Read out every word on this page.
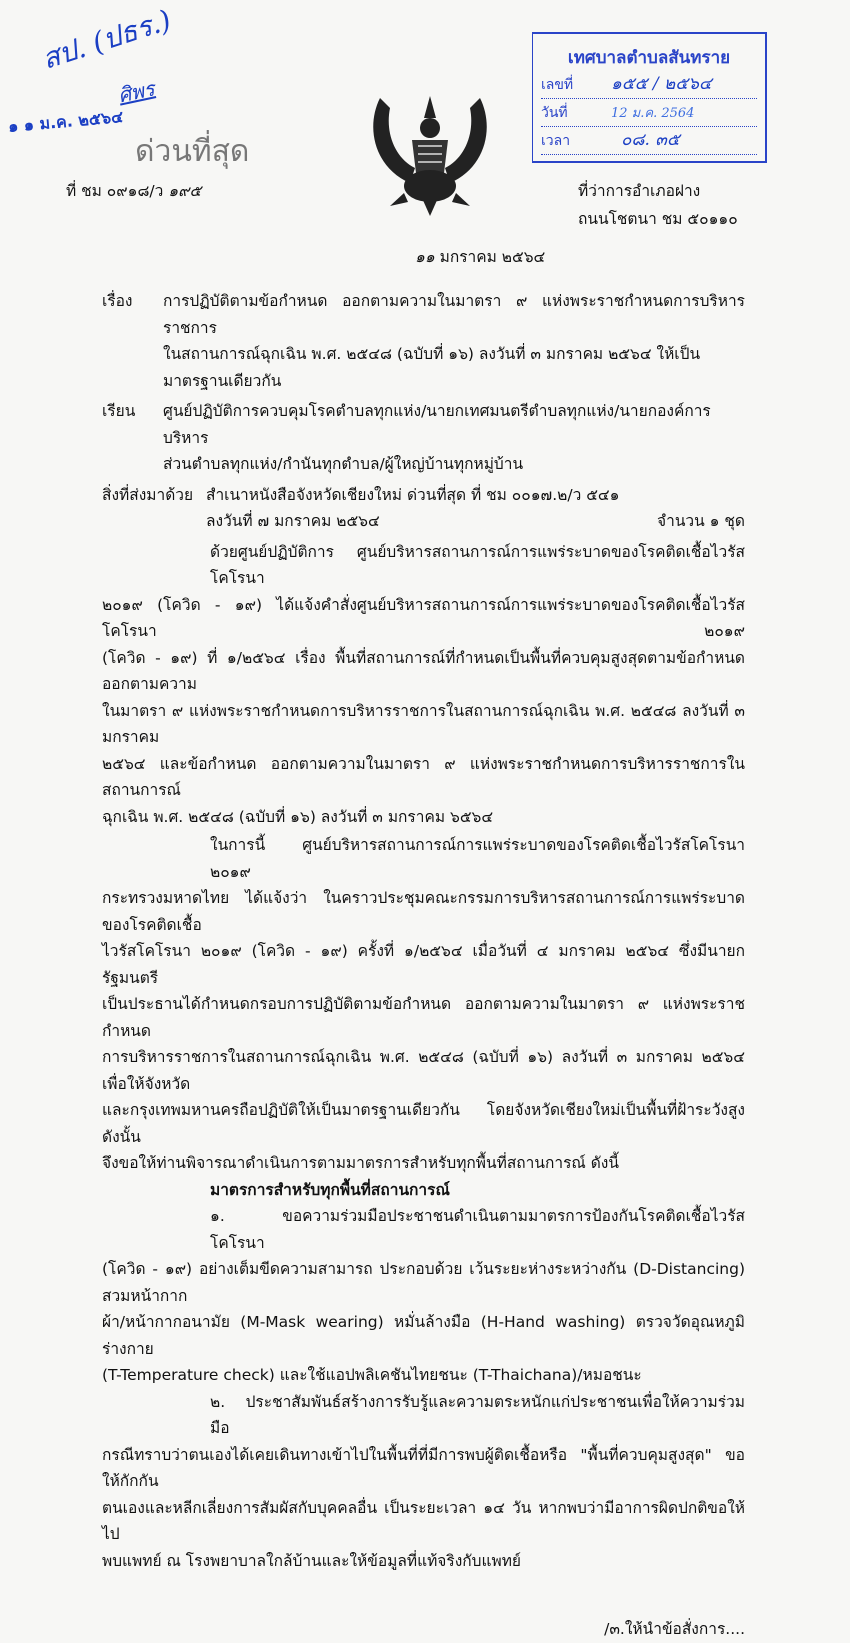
สป. (ปธร.)
ศิพร
๑ ๑ ม.ค. ๒๕๖๔
ด่วนที่สุด
ที่ ชม ๐๙๑๘/ว ๑๙๕
เทศบาลตำบลสันทราย
เลขที่ ๑๕๕ / ๒๕๖๔
วันที่	12 ม.ค. 2564
เวลา	๐๘. ๓๕
ที่ว่าการอำเภอฝาง
ถนนโชตนา ชม ๕๐๑๑๐
๑๑ มกราคม ๒๕๖๔
เรื่อง	การปฏิบัติตามข้อกำหนด ออกตามความในมาตรา ๙ แห่งพระราชกำหนดการบริหารราชการ
ในสถานการณ์ฉุกเฉิน พ.ศ. ๒๕๔๘ (ฉบับที่ ๑๖) ลงวันที่ ๓ มกราคม ๒๕๖๔ ให้เป็นมาตรฐานเดียวกัน
เรียน	ศูนย์ปฏิบัติการควบคุมโรคตำบลทุกแห่ง/นายกเทศมนตรีตำบลทุกแห่ง/นายกองค์การบริหาร
ส่วนตำบลทุกแห่ง/กำนันทุกตำบล/ผู้ใหญ่บ้านทุกหมู่บ้าน
สิ่งที่ส่งมาด้วย สำเนาหนังสือจังหวัดเชียงใหม่ ด่วนที่สุด ที่ ชม ๐๐๑๗.๒/ว ๕๔๑
ลงวันที่ ๗ มกราคม ๒๕๖๔	จำนวน ๑ ชุด
ด้วยศูนย์ปฏิบัติการ ศูนย์บริหารสถานการณ์การแพร่ระบาดของโรคติดเชื้อไวรัสโคโรนา
๒๐๑๙ (โควิด - ๑๙) ได้แจ้งคำสั่งศูนย์บริหารสถานการณ์การแพร่ระบาดของโรคติดเชื้อไวรัสโคโรนา ๒๐๑๙
(โควิด - ๑๙) ที่ ๑/๒๕๖๔ เรื่อง พื้นที่สถานการณ์ที่กำหนดเป็นพื้นที่ควบคุมสูงสุดตามข้อกำหนดออกตามความ
ในมาตรา ๙ แห่งพระราชกำหนดการบริหารราชการในสถานการณ์ฉุกเฉิน พ.ศ. ๒๕๔๘ ลงวันที่ ๓ มกราคม
๒๕๖๔ และข้อกำหนด ออกตามความในมาตรา ๙ แห่งพระราชกำหนดการบริหารราชการในสถานการณ์
ฉุกเฉิน พ.ศ. ๒๕๔๘ (ฉบับที่ ๑๖) ลงวันที่ ๓ มกราคม ๖๕๖๔
ในการนี้ ศูนย์บริหารสถานการณ์การแพร่ระบาดของโรคติดเชื้อไวรัสโคโรนา ๒๐๑๙
กระทรวงมหาดไทย ได้แจ้งว่า ในคราวประชุมคณะกรรมการบริหารสถานการณ์การแพร่ระบาดของโรคติดเชื้อ
ไวรัสโคโรนา ๒๐๑๙ (โควิด - ๑๙) ครั้งที่ ๑/๒๕๖๔ เมื่อวันที่ ๔ มกราคม ๒๕๖๔ ซึ่งมีนายกรัฐมนตรี
เป็นประธานได้กำหนดกรอบการปฏิบัติตามข้อกำหนด ออกตามความในมาตรา ๙ แห่งพระราชกำหนด
การบริหารราชการในสถานการณ์ฉุกเฉิน พ.ศ. ๒๕๔๘ (ฉบับที่ ๑๖) ลงวันที่ ๓ มกราคม ๒๕๖๔ เพื่อให้จังหวัด
และกรุงเทพมหานครถือปฏิบัติให้เป็นมาตรฐานเดียวกัน โดยจังหวัดเชียงใหม่เป็นพื้นที่ฝ้าระวังสูง ดังนั้น
จึงขอให้ท่านพิจารณาดำเนินการตามมาตรการสำหรับทุกพื้นที่สถานการณ์ ดังนี้
มาตรการสำหรับทุกพื้นที่สถานการณ์
๑. ขอความร่วมมือประชาชนดำเนินตามมาตรการป้องกันโรคติดเชื้อไวรัสโคโรนา
(โควิด - ๑๙) อย่างเต็มขีดความสามารถ ประกอบด้วย เว้นระยะห่างระหว่างกัน (D-Distancing) สวมหน้ากาก
ผ้า/หน้ากากอนามัย (M-Mask wearing) หมั่นล้างมือ (H-Hand washing) ตรวจวัดอุณหภูมิร่างกาย
(T-Temperature check) และใช้แอปพลิเคชันไทยชนะ (T-Thaichana)/หมอชนะ
๒. ประชาสัมพันธ์สร้างการรับรู้และความตระหนักแก่ประชาชนเพื่อให้ความร่วมมือ
กรณีทราบว่าตนเองได้เคยเดินทางเข้าไปในพื้นที่ที่มีการพบผู้ติดเชื้อหรือ "พื้นที่ควบคุมสูงสุด" ขอให้กักกัน
ตนเองและหลีกเลี่ยงการสัมผัสกับบุคคลอื่น เป็นระยะเวลา ๑๔ วัน หากพบว่ามีอาการผิดปกติขอให้ไป
พบแพทย์ ณ โรงพยาบาลใกล้บ้านและให้ข้อมูลที่แท้จริงกับแพทย์
/๓.ให้นำข้อสั่งการ....
